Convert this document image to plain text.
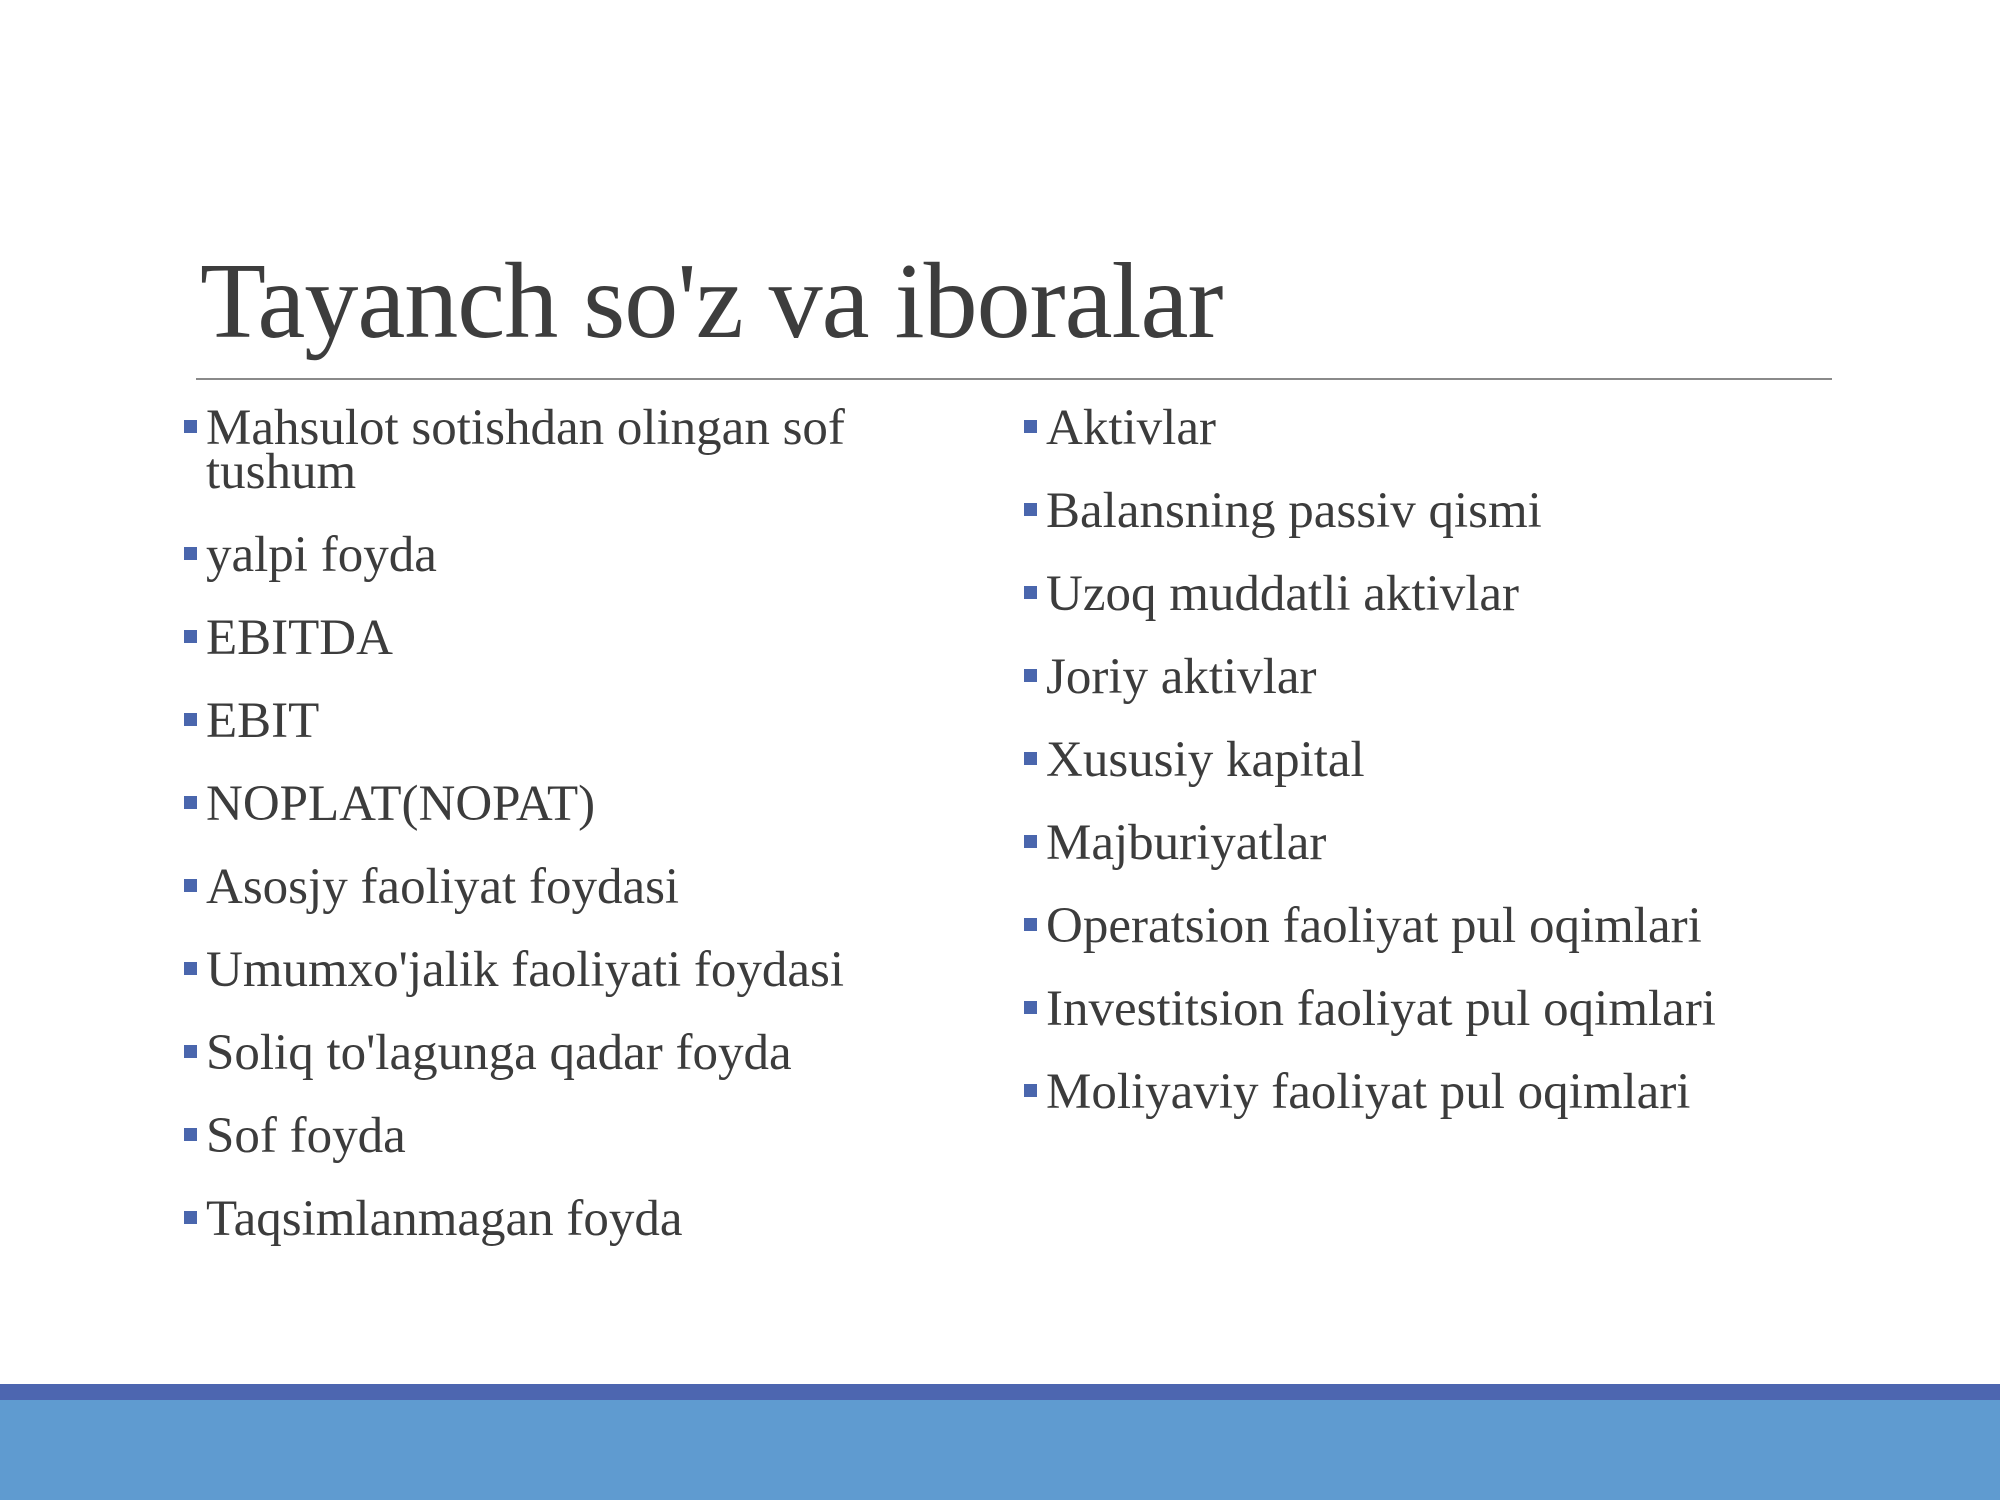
Tayanch so'z va iboralar
Mahsulot sotishdan olingan sof tushum
yalpi foyda
EBITDA
EBIT
NOPLAT(NOPAT)
Asosjy faoliyat foydasi
Umumxo'jalik faoliyati foydasi
Soliq to'lagunga qadar foyda
Sof foyda
Taqsimlanmagan foyda
Aktivlar
Balansning passiv qismi
Uzoq muddatli aktivlar
Joriy aktivlar
Xususiy kapital
Majburiyatlar
Operatsion faoliyat pul oqimlari
Investitsion faoliyat pul oqimlari
Moliyaviy faoliyat pul oqimlari
